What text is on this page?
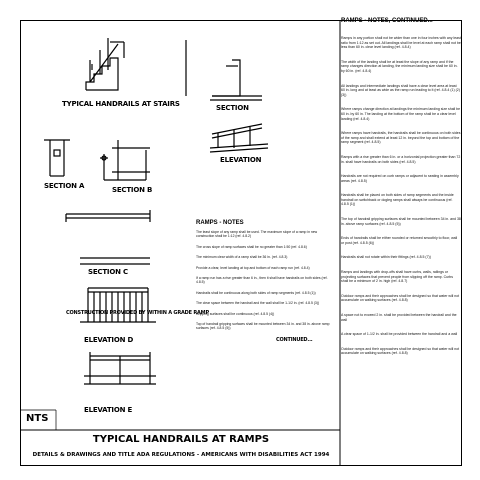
TYPICAL HANDRAILS AT STAIRS
SECTION A	SECTION B
SECTION
ELEVATION
SECTION C
CONSTRUCTION PROVIDED BY WITHIN A GRADE RAMP
ELEVATION D
ELEVATION E
NTS
TYPICAL HANDRAILS AT RAMPS
DETAILS & DRAWINGS AND TITLE ADA REGULATIONS - AMERICANS WITH DISABILITIES ACT 1994
RAMPS - NOTES
The least slope of any ramp shall be used. The maximum slope of a ramp in new construction shall be 1:12 (ref. 4.8.2)
The cross slope of ramp surfaces shall be no greater than 1:50 (ref. 4.8.6)
The minimum clear width of a ramp shall be 36 in. (ref. 4.8.3)
Provide a clear, level landing at top and bottom of each ramp run (ref. 4.8.4)
If a ramp run has a rise greater than 6 in., then it shall have handrails on both sides (ref. 4.8.5)
Handrails shall be continuous along both sides of ramp segments (ref. 4.8.5 (1))
The clear space between the handrail and the wall shall be 1-1/2 in. (ref. 4.8.5 (3))
Gripping surfaces shall be continuous (ref. 4.8.5 (4))
Top of handrail gripping surfaces shall be mounted between 34 in. and 38 in. above ramp surfaces (ref. 4.8.5 (5))
CONTINUED...
RAMPS - NOTES, CONTINUED...
Ramps in any portion shall not be wider than one in four inches with any least ratio from 1:12 as set out. All landings shall be level at each ramp shall not be less than 60 in. clear level landing (ref. 4.8.4)
The width of the landing shall be at least the slope of any ramp and if the ramp changes direction at landing, the minimum landing size shall be 60 in. by 60 in. (ref. 4.8.4)
All landings and intermediate landings shall have a clear level area at least 60 in. long and at least as wide as the ramp run leading to it (ref. 4.8.4 (1) (2) (3))
Where ramps change direction at landings the minimum landing size shall be 60 in. by 60 in. The landing at the bottom of the ramp shall be a clear level landing (ref. 4.8.4)
Where ramps have handrails, the handrails shall be continuous on both sides of the ramp and shall extend at least 12 in. beyond the top and bottom of the ramp segment (ref. 4.8.5)
Ramps with a rise greater than 6 in. or a horizontal projection greater than 72 in. shall have handrails on both sides (ref. 4.8.5)
Handrails are not required on curb ramps or adjacent to seating in assembly areas (ref. 4.8.5)
Handrails shall be placed on both sides of ramp segments and the inside handrail on switchback or dogleg ramps shall always be continuous (ref. 4.8.5 (1))
The top of handrail gripping surfaces shall be mounted between 34 in. and 38 in. above ramp surfaces (ref. 4.8.5 (5))
Ends of handrails shall be either rounded or returned smoothly to floor, wall or post (ref. 4.8.5 (6))
Handrails shall not rotate within their fittings (ref. 4.8.5 (7))
Ramps and landings with drop-offs shall have curbs, walls, railings or projecting surfaces that prevent people from slipping off the ramp. Curbs shall be a minimum of 2 in. high (ref. 4.8.7)
Outdoor ramps and their approaches shall be designed so that water will not accumulate on walking surfaces (ref. 4.8.8)
A space not to exceed 2 in. shall be provided between the handrail and the wall
A clear space of 1-1/2 in. shall be provided between the handrail and a wall
Outdoor ramps and their approaches shall be designed so that water will not accumulate on walking surfaces (ref. 4.8.8)
